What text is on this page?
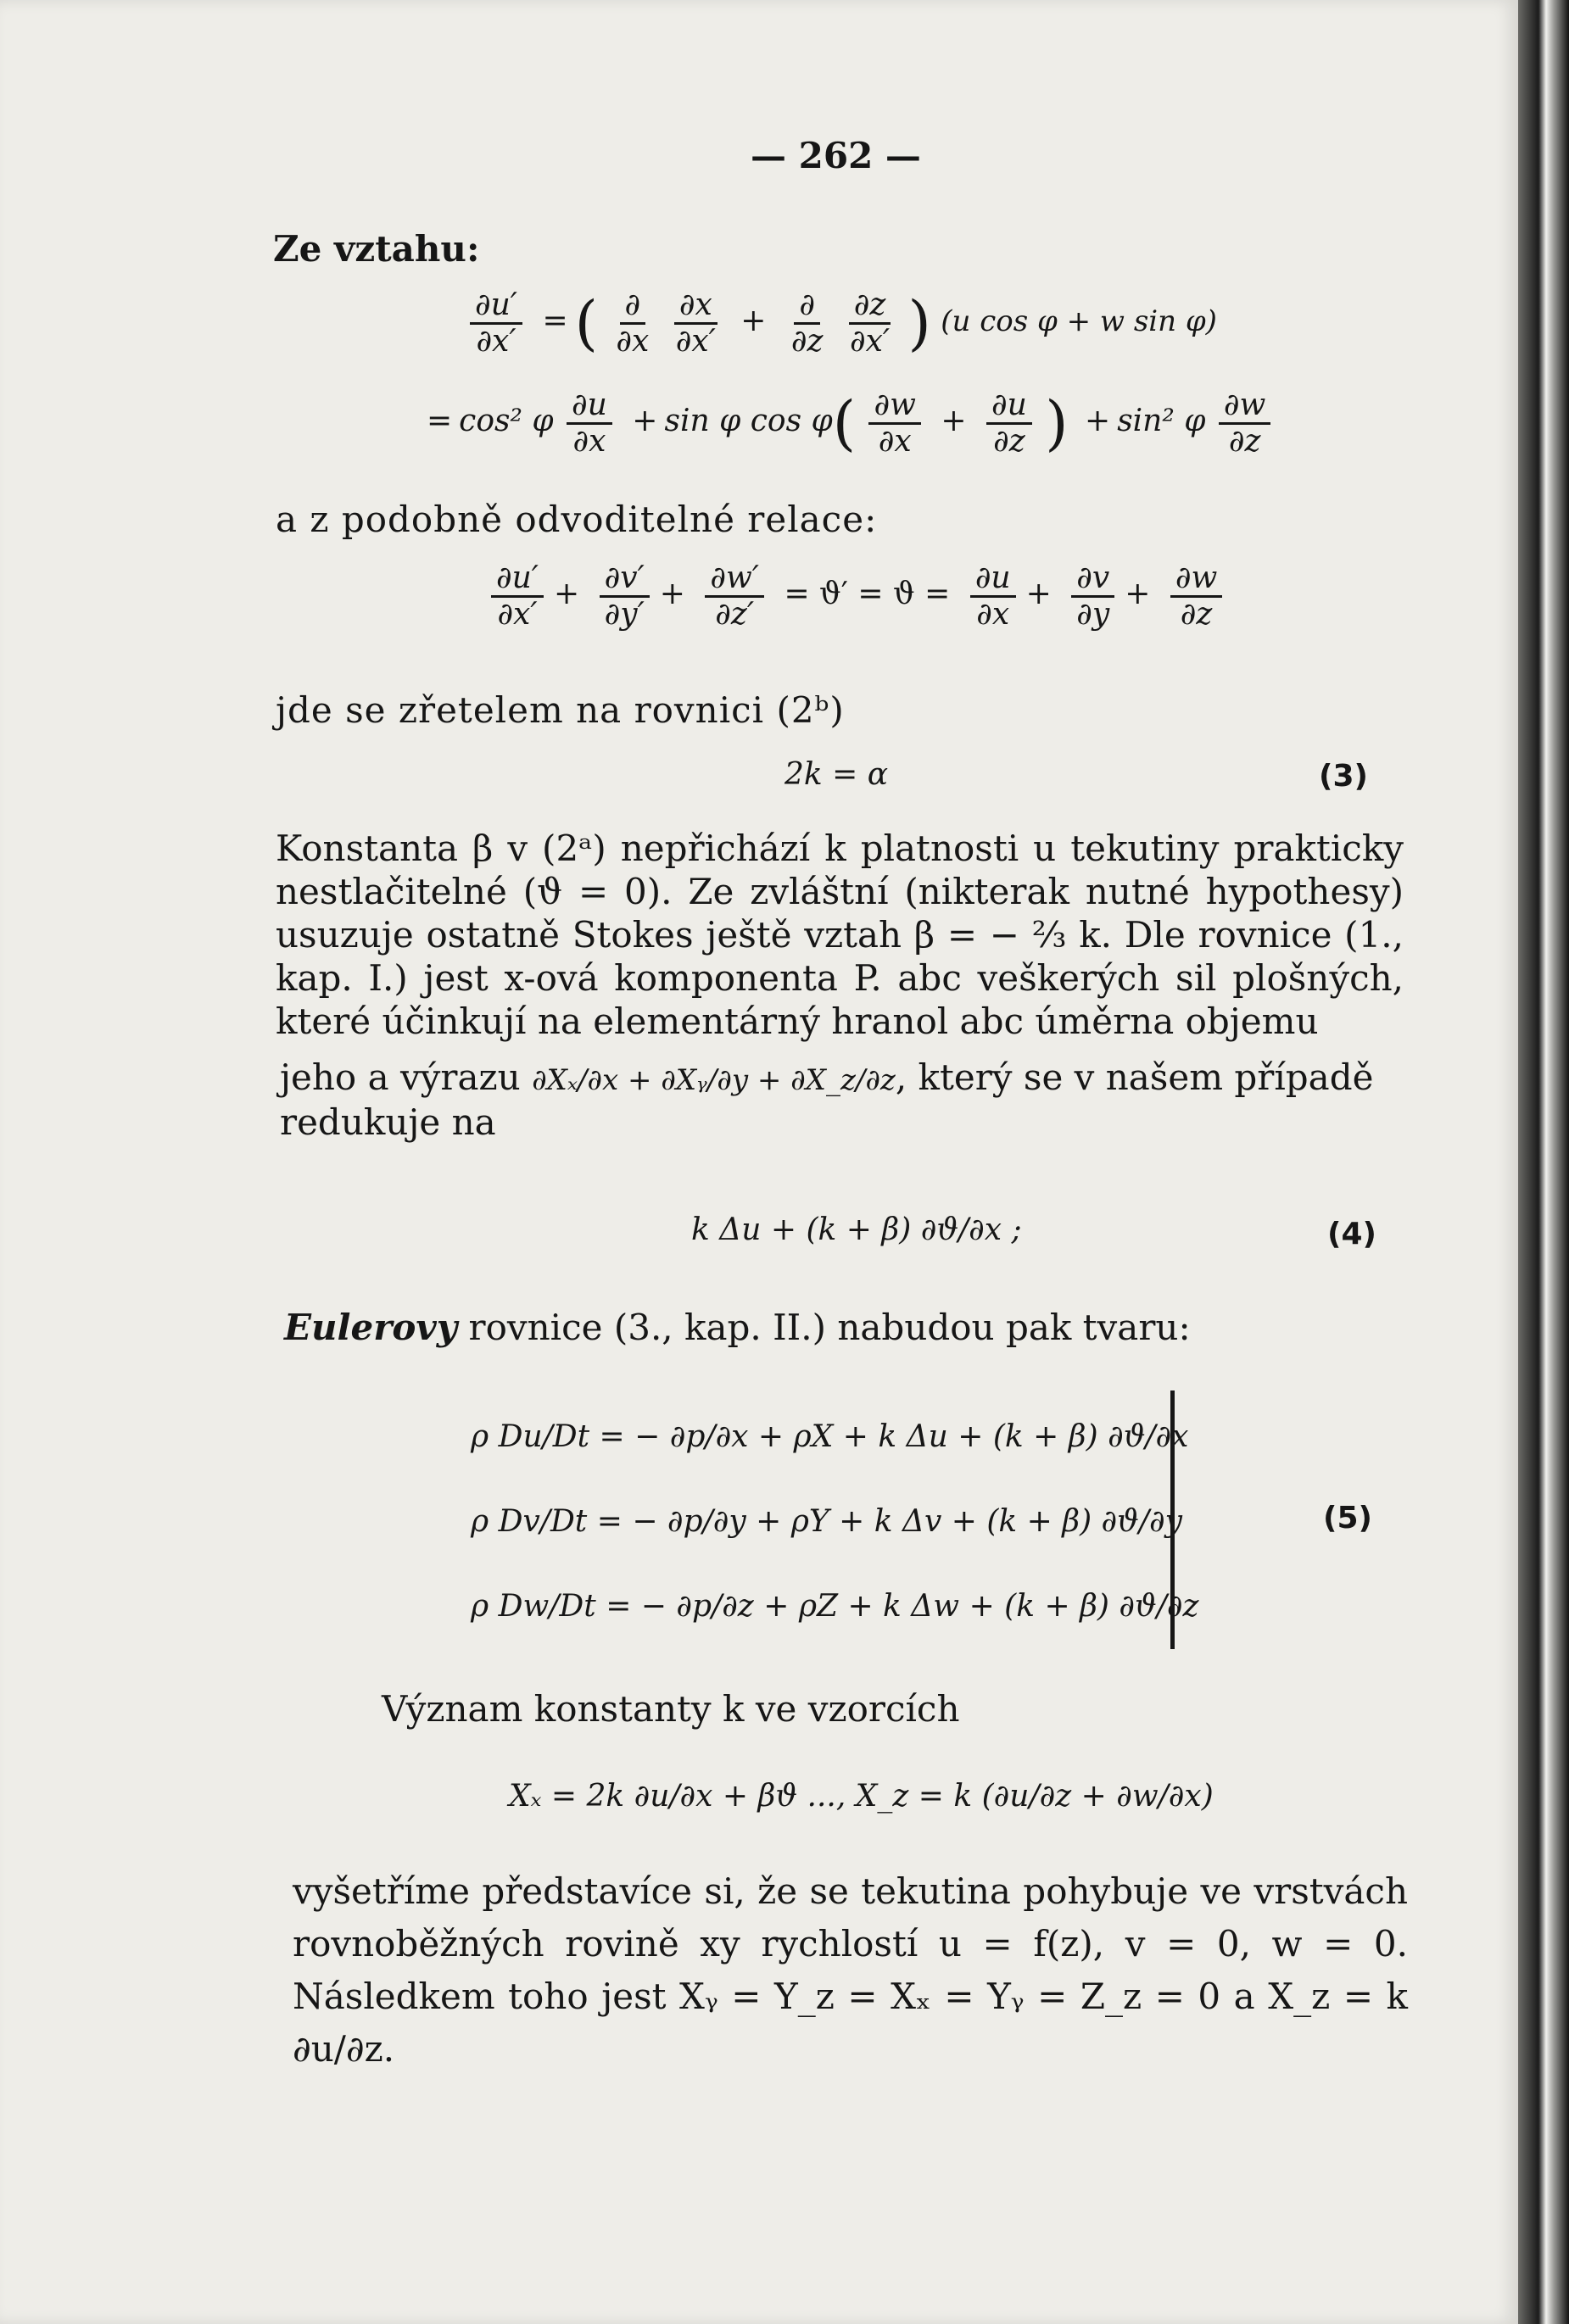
— 262 —
Ze vztahu:
$\frac{\partial u'}{\partial x'}$ = ( $\frac{\partial}{\partial x}$
$\frac{\partial x}{\partial x'} + \frac{\partial}{\partial z}$
$\frac{\partial z}{\partial x'}$ ) (u cos φ + w sin φ)
= cos² φ $\frac{\partial u}{\partial x} + \sin \varphi$ $\cos \varphi( \frac{\partial w}{\partial x} + \frac{\partial u}{\partial z}$ ) + sin² φ $\frac{\partial w}{\partial z}$
a z podobně odvoditelné relace:
$\frac{\partial u'}{\partial x'} + \frac{\partial v'}{\partial y'} + \frac{\partial w'}{\partial z'} = ϑ' = ϑ = \frac{\partial u}{\partial x} + \frac{\partial v}{\partial y} + \frac{\partial w}{\partial z}$
jde se zřetelem na rovnici (2ᵇ)
2k = α	(3)
Konstanta β v (2ᵃ) nepřichází k platnosti u tekutiny prakticky nestlačitelné (ϑ = 0). Ze zvláštní (nikterak nutné hypothesy) usuzuje ostatně Stokes ještě vztah β = − ⅔ k. Dle rovnice (1., kap. I.) jest x-ová komponenta P. abc veškerých sil plošných, které účinkují na elementárný hranol abc úměrna objemu
jeho a výrazu ∂Xₓ/∂x + ∂Xᵧ/∂y + ∂X_z/∂z, který se v našem případě redukuje na
k Δu + (k + β) ∂ϑ/∂x ;	(4)
Eulerovy rovnice (3., kap. II.) nabudou pak tvaru:
ρ Du/Dt = − ∂p/∂x + ρX + k Δu + (k + β) ∂ϑ/∂x
ρ Dv/Dt = − ∂p/∂y + ρY + k Δv + (k + β) ∂ϑ/∂y
ρ Dw/Dt = − ∂p/∂z + ρZ + k Δw + (k + β) ∂ϑ/∂z
(5)
Význam konstanty k ve vzorcích
Xₓ = 2k ∂u/∂x + βϑ ..., X_z = k (∂u/∂z + ∂w/∂x)
vyšetříme představíce si, že se tekutina pohybuje ve vrstvách rovnoběžných rovině xy rychlostí u = f(z), v = 0, w = 0. Následkem toho jest Xᵧ = Y_z = Xₓ = Yᵧ = Z_z = 0 a X_z = k ∂u/∂z.
